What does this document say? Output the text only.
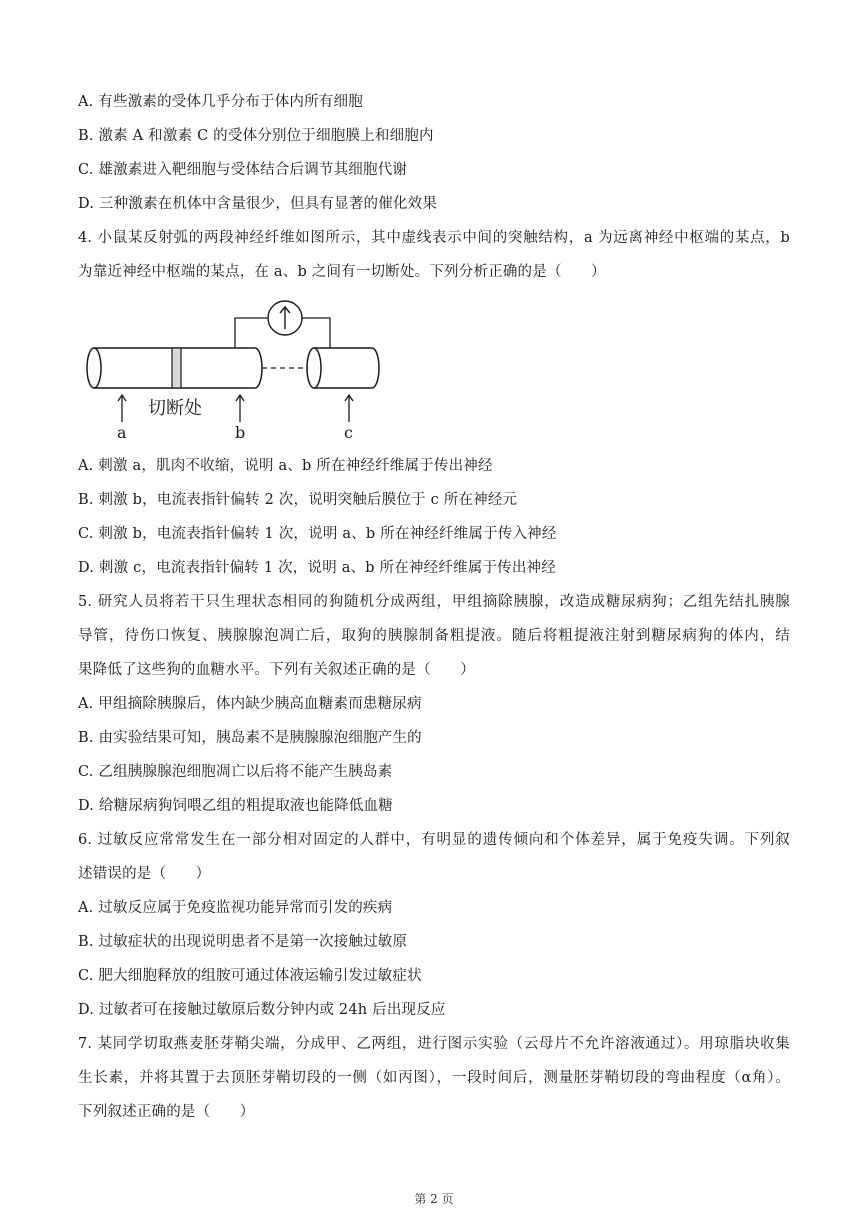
A. 有些激素的受体几乎分布于体内所有细胞
B. 激素 A 和激素 C 的受体分别位于细胞膜上和细胞内
C. 雄激素进入靶细胞与受体结合后调节其细胞代谢
D. 三种激素在机体中含量很少，但具有显著的催化效果
4. 小鼠某反射弧的两段神经纤维如图所示，其中虚线表示中间的突触结构，a 为远离神经中枢端的某点，b
为靠近神经中枢端的某点，在 a、b 之间有一切断处。下列分析正确的是（　　）
切断处
a	b	c
A. 刺激 a，肌肉不收缩，说明 a、b 所在神经纤维属于传出神经
B. 刺激 b，电流表指针偏转 2 次，说明突触后膜位于 c 所在神经元
C. 刺激 b，电流表指针偏转 1 次，说明 a、b 所在神经纤维属于传入神经
D. 刺激 c，电流表指针偏转 1 次，说明 a、b 所在神经纤维属于传出神经
5. 研究人员将若干只生理状态相同的狗随机分成两组，甲组摘除胰腺，改造成糖尿病狗；乙组先结扎胰腺
导管，待伤口恢复、胰腺腺泡凋亡后，取狗的胰腺制备粗提液。随后将粗提液注射到糖尿病狗的体内，结
果降低了这些狗的血糖水平。下列有关叙述正确的是（　　）
A. 甲组摘除胰腺后，体内缺少胰高血糖素而患糖尿病
B. 由实验结果可知，胰岛素不是胰腺腺泡细胞产生的
C. 乙组胰腺腺泡细胞凋亡以后将不能产生胰岛素
D. 给糖尿病狗饲喂乙组的粗提取液也能降低血糖
6. 过敏反应常常发生在一部分相对固定的人群中，有明显的遗传倾向和个体差异，属于免疫失调。下列叙
述错误的是（　　）
A. 过敏反应属于免疫监视功能异常而引发的疾病
B. 过敏症状的出现说明患者不是第一次接触过敏原
C. 肥大细胞释放的组胺可通过体液运输引发过敏症状
D. 过敏者可在接触过敏原后数分钟内或 24h 后出现反应
7. 某同学切取燕麦胚芽鞘尖端，分成甲、乙两组，进行图示实验（云母片不允许溶液通过）。用琼脂块收集
生长素，并将其置于去顶胚芽鞘切段的一侧（如丙图），一段时间后，测量胚芽鞘切段的弯曲程度（α角）。
下列叙述正确的是（　　）
第 2 页
